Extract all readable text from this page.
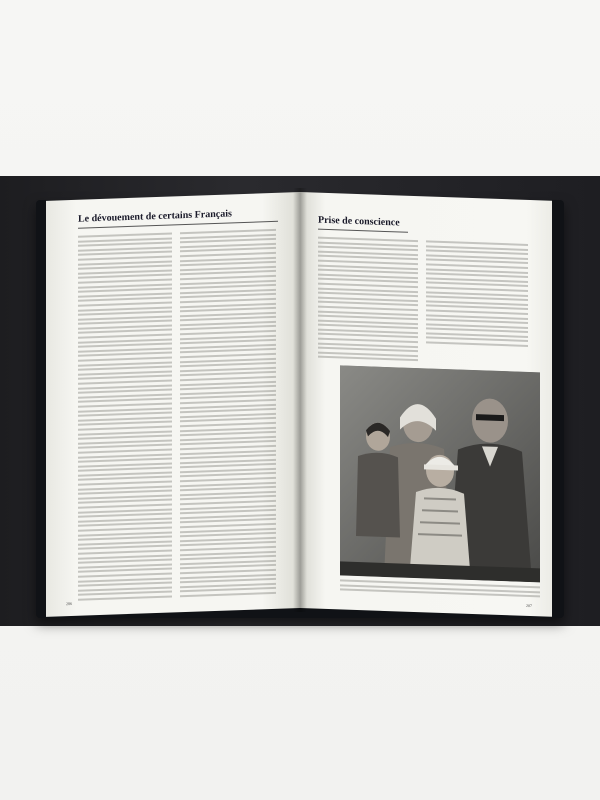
Le dévouement de certains Français
206
Prise de conscience
207
